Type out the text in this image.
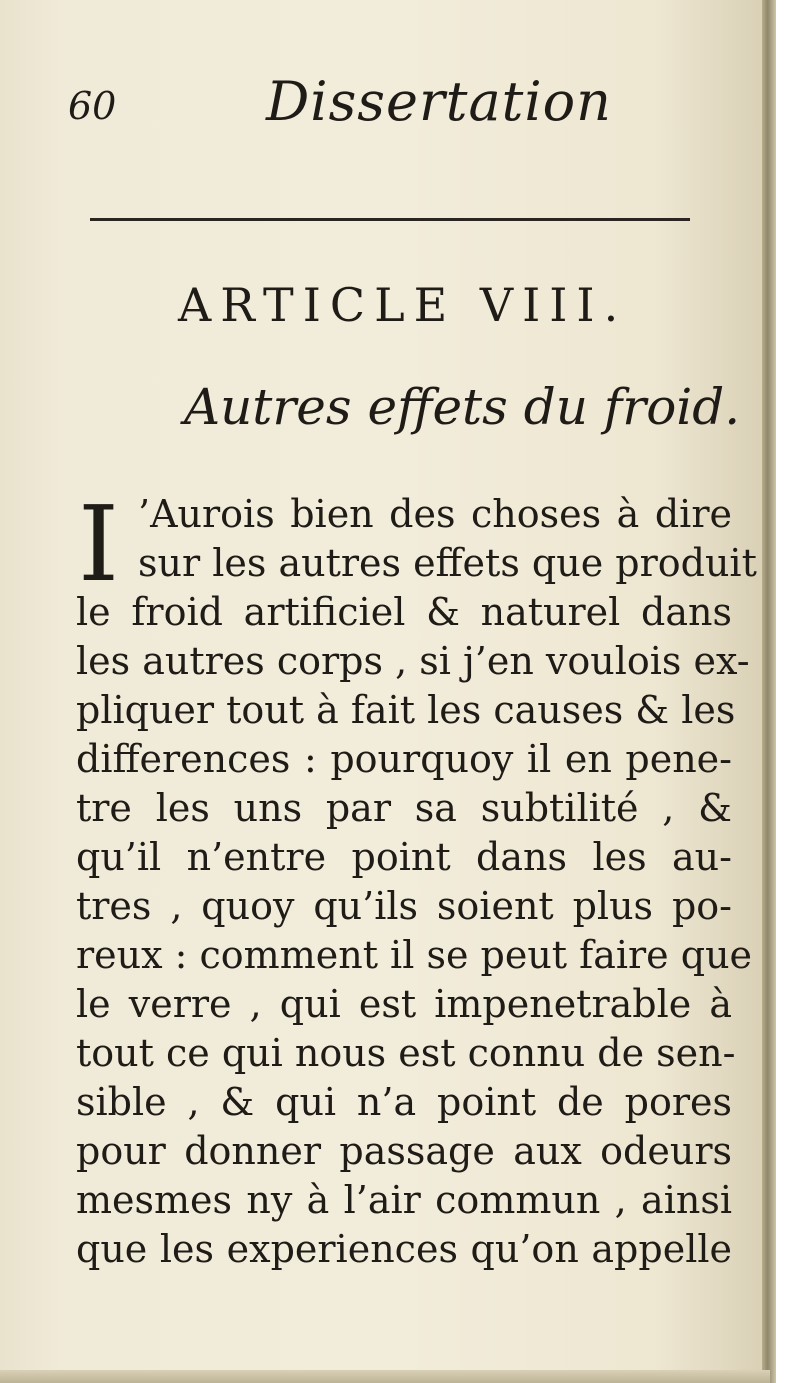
60	Dissertation
ARTICLE VIII.
Autres effets du froid.
I ’Aurois bien des choses à dire
sur les autres effets que produit
le froid artificiel & naturel dans
les autres corps , si j’en voulois ex-
pliquer tout à fait les causes & les
differences : pourquoy il en pene-
tre les uns par sa subtilité , &
qu’il n’entre point dans les au-
tres , quoy qu’ils soient plus po-
reux : comment il se peut faire que
le verre , qui est impenetrable à
tout ce qui nous est connu de sen-
sible , & qui n’a point de pores
pour donner passage aux odeurs
mesmes ny à l’air commun , ainsi
que les experiences qu’on appelle
